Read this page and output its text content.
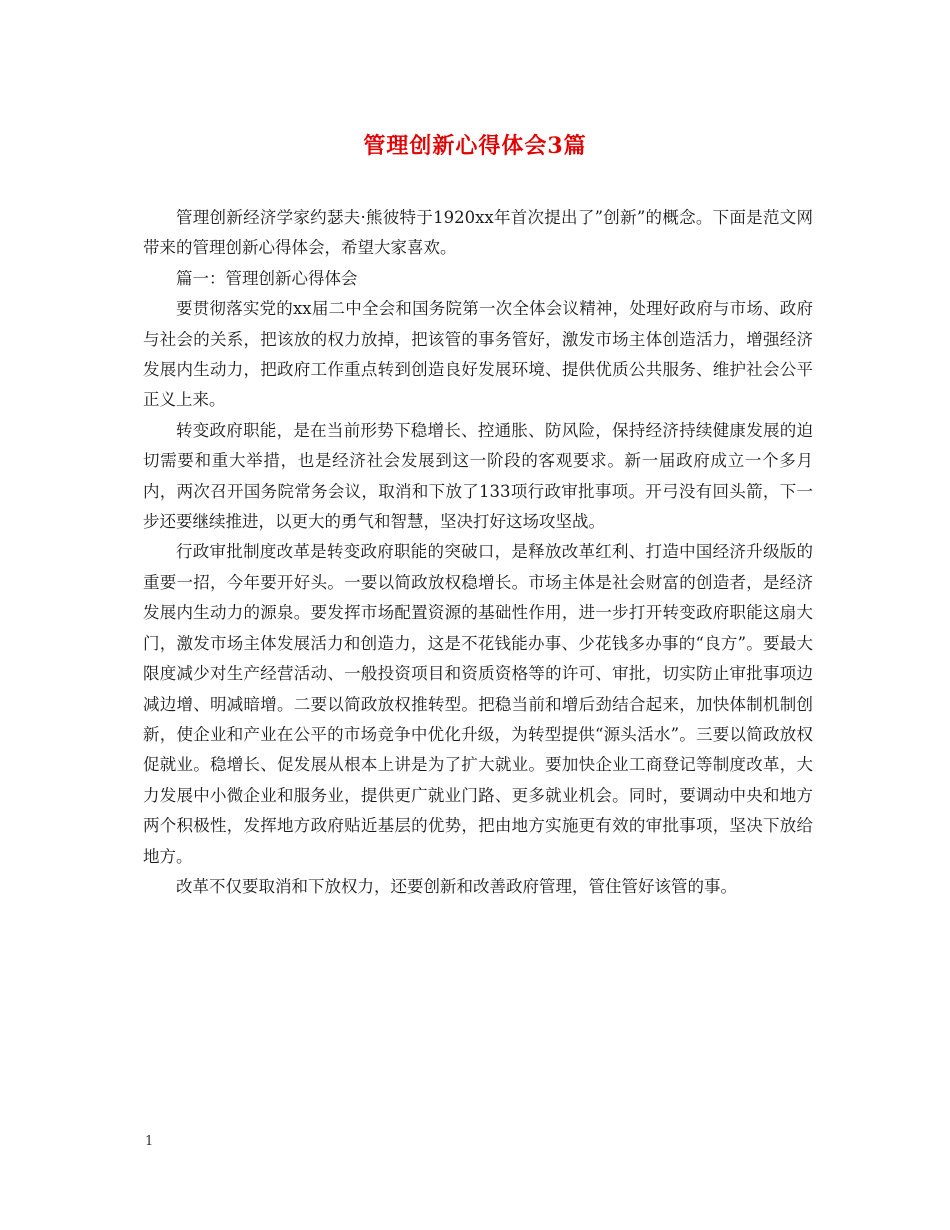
管理创新心得体会3篇

管理创新经济学家约瑟夫·熊彼特于1920xx年首次提出了”创新”的概念。下面是范文网带来的管理创新心得体会，希望大家喜欢。

篇一：管理创新心得体会

要贯彻落实党的xx届二中全会和国务院第一次全体会议精神，处理好政府与市场、政府与社会的关系，把该放的权力放掉，把该管的事务管好，激发市场主体创造活力，增强经济发展内生动力，把政府工作重点转到创造良好发展环境、提供优质公共服务、维护社会公平正义上来。

转变政府职能，是在当前形势下稳增长、控通胀、防风险，保持经济持续健康发展的迫切需要和重大举措，也是经济社会发展到这一阶段的客观要求。新一届政府成立一个多月内，两次召开国务院常务会议，取消和下放了133项行政审批事项。开弓没有回头箭，下一步还要继续推进，以更大的勇气和智慧，坚决打好这场攻坚战。

行政审批制度改革是转变政府职能的突破口，是释放改革红利、打造中国经济升级版的重要一招，今年要开好头。一要以简政放权稳增长。市场主体是社会财富的创造者，是经济发展内生动力的源泉。要发挥市场配置资源的基础性作用，进一步打开转变政府职能这扇大门，激发市场主体发展活力和创造力，这是不花钱能办事、少花钱多办事的“良方”。要最大限度减少对生产经营活动、一般投资项目和资质资格等的许可、审批，切实防止审批事项边减边增、明减暗增。二要以简政放权推转型。把稳当前和增后劲结合起来，加快体制机制创新，使企业和产业在公平的市场竞争中优化升级，为转型提供“源头活水”。三要以简政放权促就业。稳增长、促发展从根本上讲是为了扩大就业。要加快企业工商登记等制度改革，大力发展中小微企业和服务业，提供更广就业门路、更多就业机会。同时，要调动中央和地方两个积极性，发挥地方政府贴近基层的优势，把由地方实施更有效的审批事项，坚决下放给地方。

改革不仅要取消和下放权力，还要创新和改善政府管理，管住管好该管的事。

1
